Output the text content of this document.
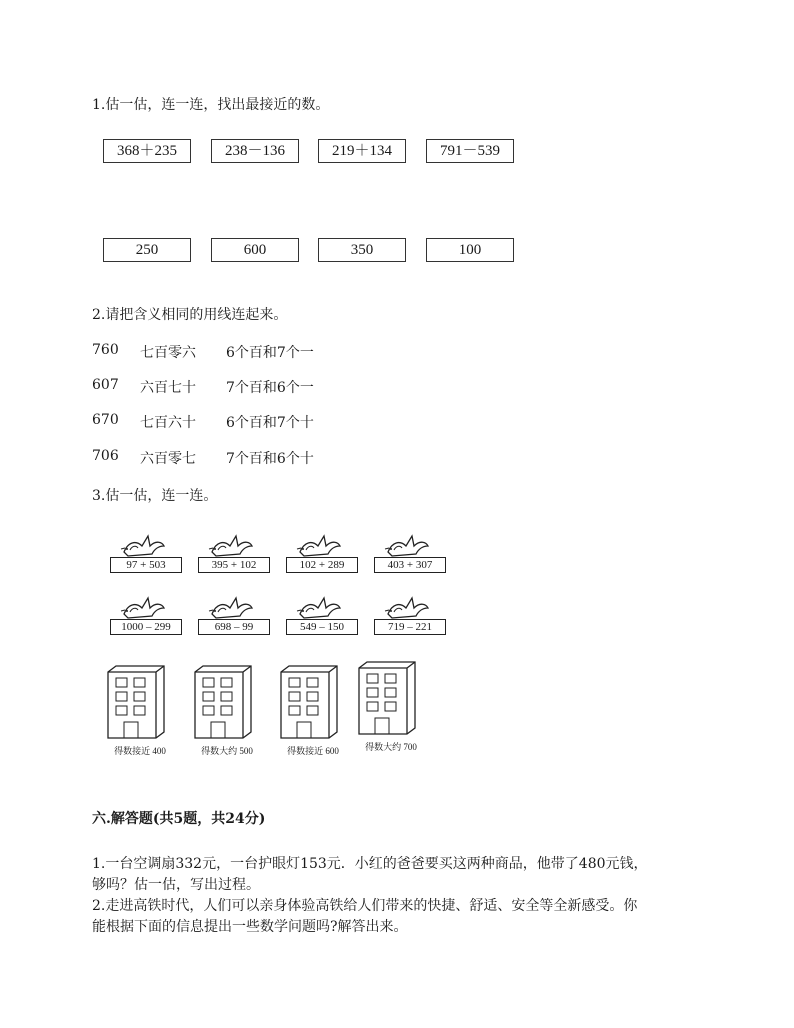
1.估一估，连一连，找出最接近的数。
368＋235	238－136	219＋134	791－539
250	600	350	100
2.请把含义相同的用线连起来。
760 七百零六 6个百和7个一
607 六百七十 7个百和6个一
670 七百六十 6个百和7个十
706 六百零七 7个百和6个十
3.估一估，连一连。
97 + 503	395 + 102	102 + 289	403 + 307
1000 – 299	698 – 99	549 – 150	719 – 221
得数接近 400	得数大约 500	得数接近 600	得数大约 700
六.解答题(共5题，共24分)
1.一台空调扇332元，一台护眼灯153元．小红的爸爸要买这两种商品，他带了480元钱，
够吗？估一估，写出过程。
2.走进高铁时代，人们可以亲身体验高铁给人们带来的快捷、舒适、安全等全新感受。你
能根据下面的信息提出一些数学问题吗?解答出来。
